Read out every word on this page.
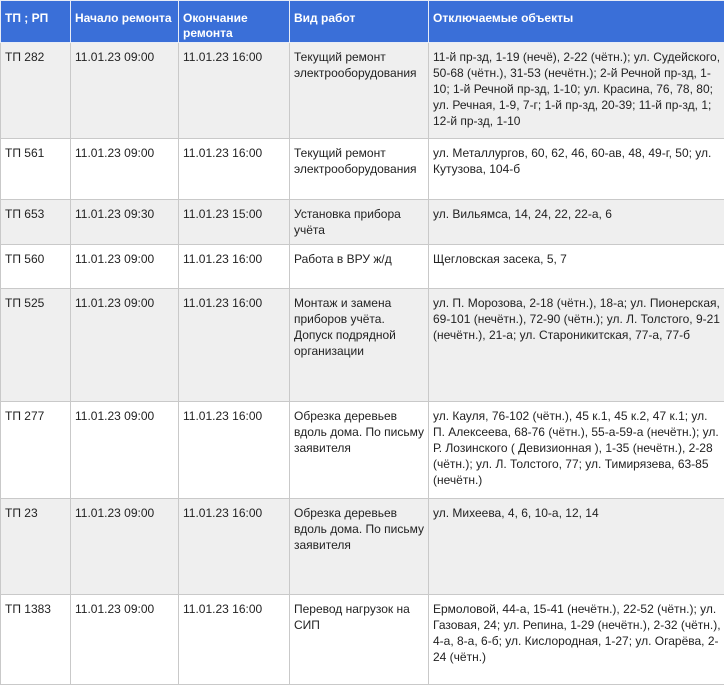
ТП ; РП	Начало ремонта	Окончание ремонта	Вид работ	Отключаемые объекты
ТП 282	11.01.23 09:00	11.01.23 16:00	Текущий ремонт электрооборудования	11-й пр-зд, 1-19 (нечё), 2-22 (чётн.); ул. Судейского, 50-68 (чётн.), 31-53 (нечётн.); 2-й Речной пр-зд, 1-10; 1-й Речной пр-зд, 1-10; ул. Красина, 76, 78, 80; ул. Речная, 1-9, 7-г; 1-й пр-зд, 20-39; 11-й пр-зд, 1; 12-й пр-зд, 1-10
ТП 561	11.01.23 09:00	11.01.23 16:00	Текущий ремонт электрооборудования	ул. Металлургов, 60, 62, 46, 60-ав, 48, 49-г, 50; ул. Кутузова, 104-б
ТП 653	11.01.23 09:30	11.01.23 15:00	Установка прибора учёта	ул. Вильямса, 14, 24, 22, 22-а, 6
ТП 560	11.01.23 09:00	11.01.23 16:00	Работа в ВРУ ж/д	Щегловская засека, 5, 7
ТП 525	11.01.23 09:00	11.01.23 16:00	Монтаж и замена приборов учёта. Допуск подрядной организации	ул. П. Морозова, 2-18 (чётн.), 18-а; ул. Пионерская, 69-101 (нечётн.), 72-90 (чётн.); ул. Л. Толстого, 9-21 (нечётн.), 21-а; ул. Староникитская, 77-а, 77-б
ТП 277	11.01.23 09:00	11.01.23 16:00	Обрезка деревьев вдоль дома. По письму заявителя	ул. Кауля, 76-102 (чётн.), 45 к.1, 45 к.2, 47 к.1; ул. П. Алексеева, 68-76 (чётн.), 55-а-59-а (нечётн.); ул. Р. Лозинского ( Девизионная ), 1-35 (нечётн.), 2-28 (чётн.); ул. Л. Толстого, 77; ул. Тимирязева, 63-85 (нечётн.)
ТП 23	11.01.23 09:00	11.01.23 16:00	Обрезка деревьев вдоль дома. По письму заявителя	ул. Михеева, 4, 6, 10-а, 12, 14
ТП 1383	11.01.23 09:00	11.01.23 16:00	Перевод нагрузок на СИП	Ермоловой, 44-а, 15-41 (нечётн.), 22-52 (чётн.); ул. Газовая, 24; ул. Репина, 1-29 (нечётн.), 2-32 (чётн.), 4-а, 8-а, 6-б; ул. Кислородная, 1-27; ул. Огарёва, 2-24 (чётн.)
